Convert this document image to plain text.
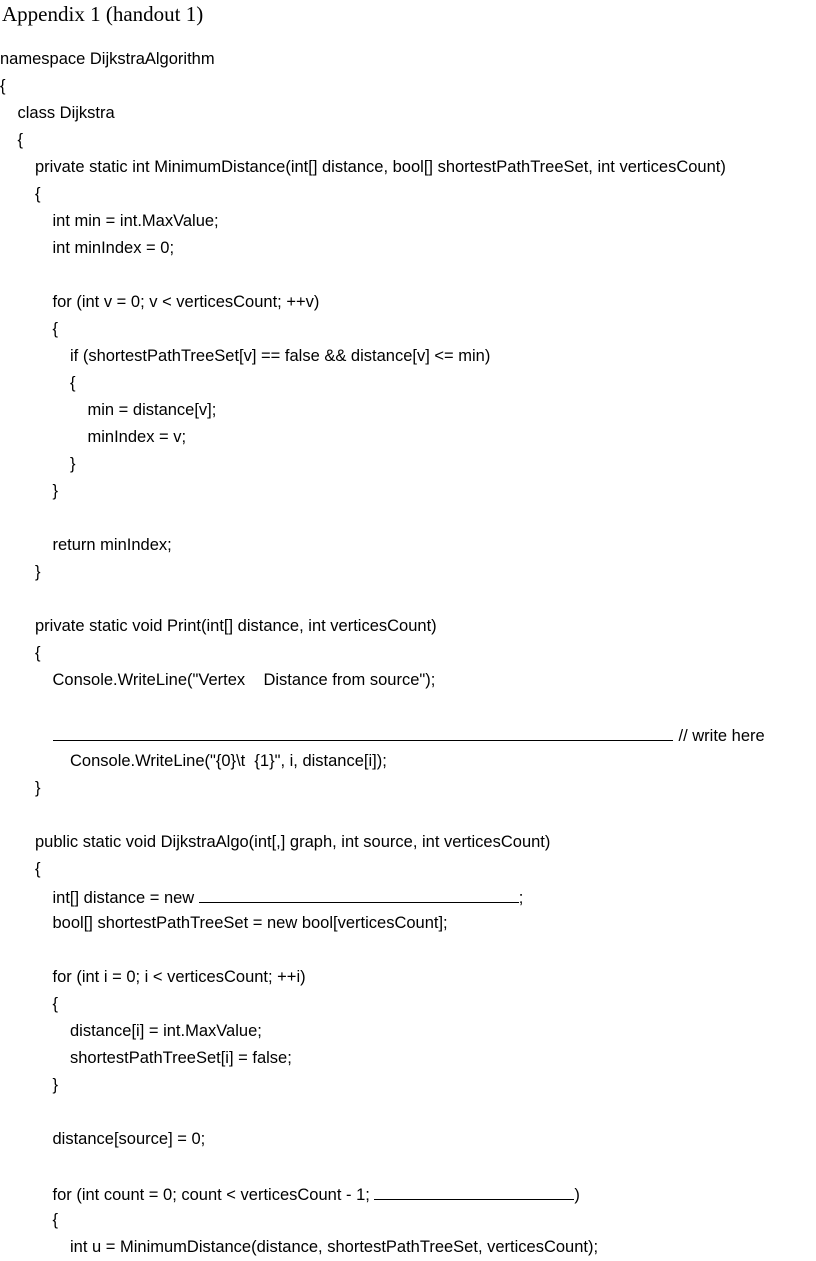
Appendix 1 (handout 1)
namespace DijkstraAlgorithm
{
class Dijkstra
{
private static int MinimumDistance(int[] distance, bool[] shortestPathTreeSet, int verticesCount)
{
int min = int.MaxValue;
int minIndex = 0;
for (int v = 0; v < verticesCount; ++v)
{
if (shortestPathTreeSet[v] == false && distance[v] <= min)
{
min = distance[v];
minIndex = v;
}
}
return minIndex;
}
private static void Print(int[] distance, int verticesCount)
{
Console.WriteLine("Vertex    Distance from source");
// write here
Console.WriteLine("{0}\t  {1}", i, distance[i]);
}
public static void DijkstraAlgo(int[,] graph, int source, int verticesCount)
{
int[] distance = new	;
bool[] shortestPathTreeSet = new bool[verticesCount];
for (int i = 0; i < verticesCount; ++i)
{
distance[i] = int.MaxValue;
shortestPathTreeSet[i] = false;
}
distance[source] = 0;
for (int count = 0; count < verticesCount - 1;	)
{
int u = MinimumDistance(distance, shortestPathTreeSet, verticesCount);
